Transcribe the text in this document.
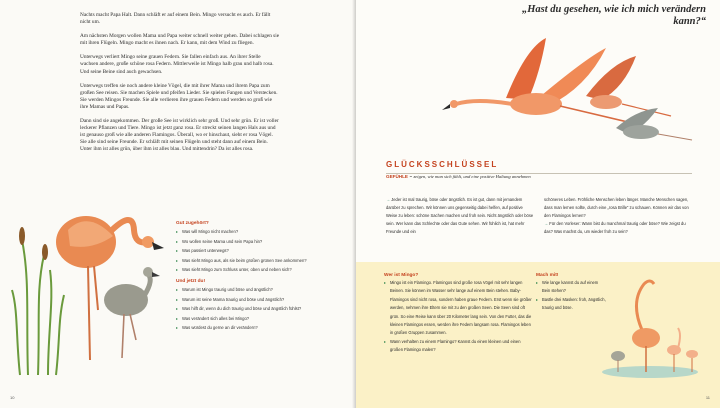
Nachts macht Papa Halt. Dann schläft er auf einem Bein. Mingo versucht es auch. Er fällt nicht um.

Am nächsten Morgen wollen Mama und Papa weiter schnell weiter gehen. Dabei schlagen sie mit ihren Flügeln. Mingo macht es ihnen nach. Er kann, mit dem Wind zu fliegen.

Unterwegs verliert Mingo seine grauen Federn. Sie fallen einfach aus. An ihrer Stelle wachsen andere, große schöne rosa Federn. Mittlerweile ist Mingo halb grau und halb rosa. Und seine Beine sind auch gewachsen.

Unterwegs treffen sie noch andere kleine Vögel, die mit ihrer Mama und ihrem Papa zum großen See reisen. Sie machen Spiele und pfeifen Lieder. Sie spielen Fangen und Verstecken. Sie werden Mingos Freunde. Sie alle verlieren ihre grauen Federn und werden so groß wie ihre Mamas und Papas.

Dann sind sie angekommen. Der große See ist wirklich sehr groß. Und sehr grün. Er ist voller leckerer Pflanzen und Tiere. Mingo ist jetzt ganz rosa. Er streckt seinen langen Hals aus und ist genauso groß wie alle anderen Flamingos. Überall, wo er hinschaut, sieht er rosa Vögel. Sie alle sind seine Freunde. Er schläft mit seinen Flügeln und steht dann auf einem Bein. Unter ihm ist alles grün, über ihm ist alles blau. Und mittendrin? Da ist alles rosa.

Gut zugehört?
▸ Was will Mingo nicht machen?
▸ Wo wollen seine Mama und sein Papa hin?
▸ Was passiert unterwegs?
▸ Was sieht Mingo aus, als sie beim großen grünen See ankommen?
▸ Was sieht Mingo zum Schluss unter, oben und neben sich?
Und jetzt du!
▸ Warum ist Mingo traurig und böse und ängstlich?
▸ Warum ist seine Mama traurig und böse und ängstlich?
▸ Was hilft dir, wenn du dich traurig und böse und ängstlich fühlst?
▸ Was verändert sich alles bei Mingo?
▸ Was würdest du gerne an dir verändern?
10
„Hast du gesehen, wie ich mich verändern kann?“
GLÜCKSSCHLÜSSEL
GEFÜHLE = zeigen, wie man sich fühlt, und eine positive Haltung annehmen

→ Jeder ist mal traurig, böse oder ängstlich. Es ist gut, dann mit jemandem darüber zu sprechen. Wir können uns gegenseitig dabei helfen, auf positive Weise zu leben: schöne Sachen machen und froh sein. Nicht ängstlich oder böse sein. Wer kann das Schlechte oder das Gute sehen. Wir fühlich ist, hat mehr Freunde und ein

schöneres Leben. Fröhliche Menschen leben länger. Manche Menschen sagen, dass man lernen sollte, durch eine „rosa Brille“ zu schauen. Können wir das von den Flamingos lernen?

→ Für den Vorleser: Wann bist du manchmal traurig oder böse? Wie zeigst du das? Was machst du, um wieder froh zu sein?

Wer ist Mingo?
▸ Mingo ist ein Flamingo. Flamingos sind große rosa Vögel mit sehr langen Beinen. Sie können im Wasser sehr lange auf einem Bein stehen. Baby-Flamingos sind nicht rosa, sondern haben graue Federn. Erst wenn sie größer werden, nehmen ihre Eltern sie mit zu den großen Seen. Die Seen sind oft grün. So eine Reise kann über 20 Kilometer lang sein. Von den Futter, das die kleinen Flamingos essen, werden ihre Federn langsam rosa. Flamingos leben in großen Gruppen zusammen.
▸ Wann verhalten zu einem Flamingo? Kannst du einen kleinen und einen großen Flamingo malen?
Mach mit!
▸ Wie lange kannst du auf einem Bein stehen?
▸ Bastle drei Masken: froh, ängstlich, traurig und böse.
11
